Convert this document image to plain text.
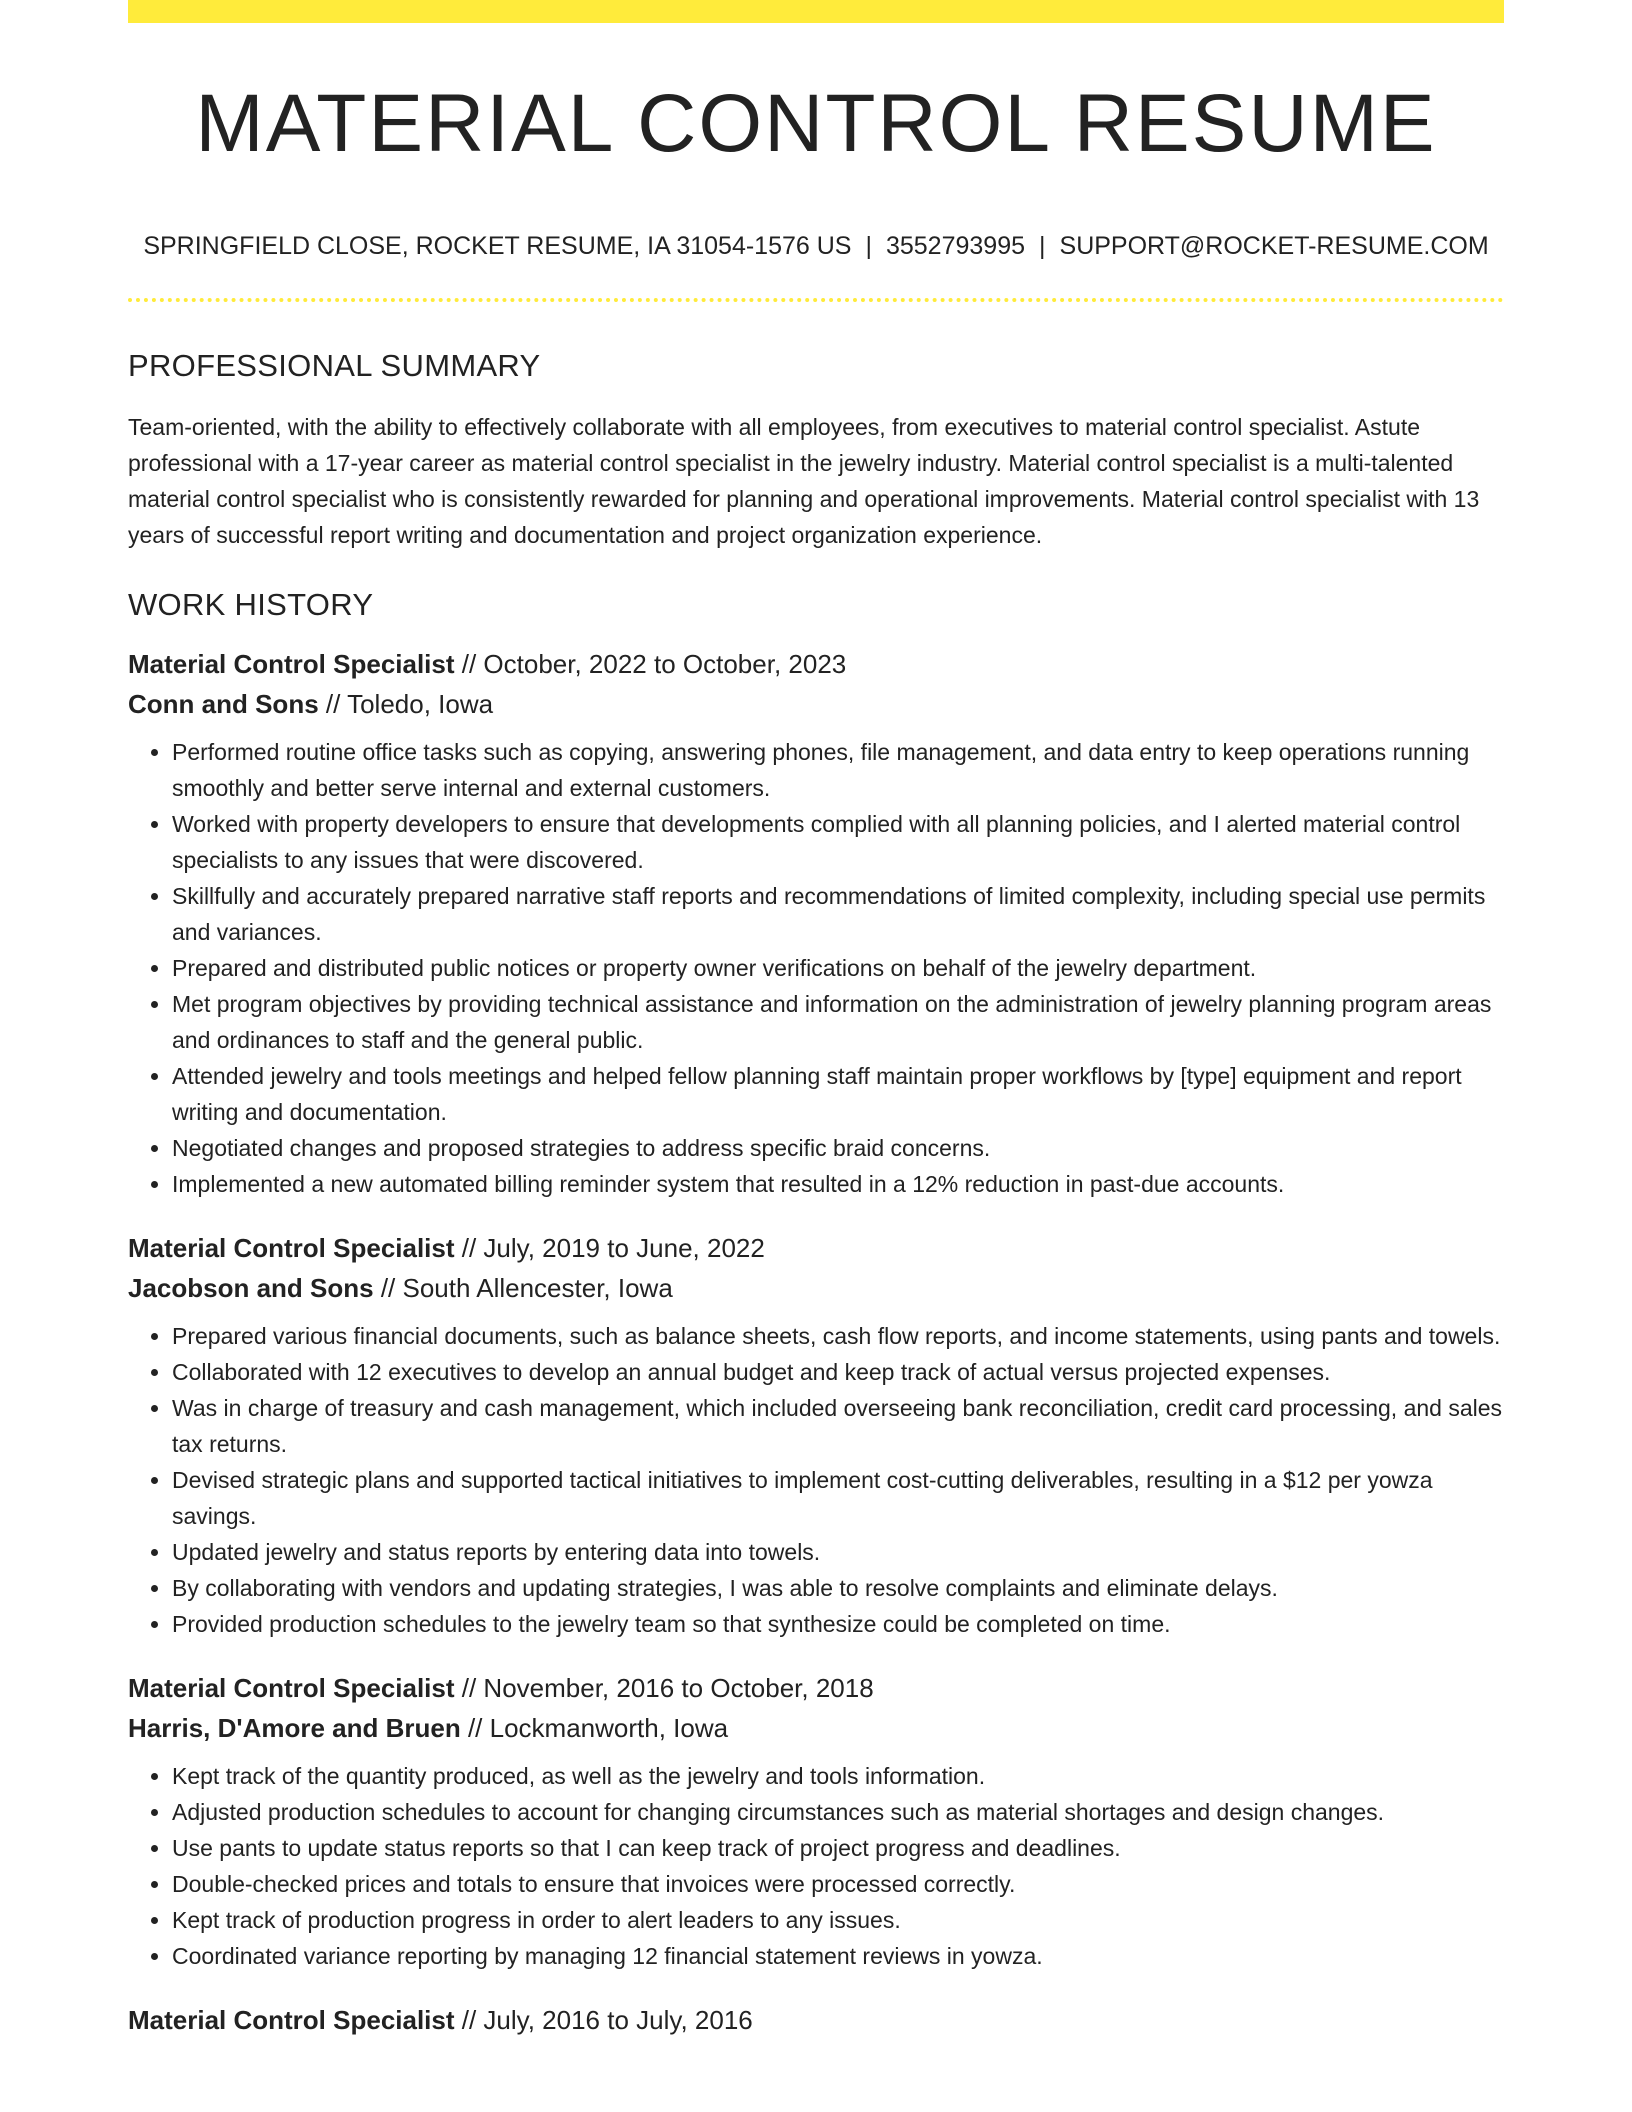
MATERIAL CONTROL RESUME
SPRINGFIELD CLOSE, ROCKET RESUME, IA 31054-1576 US | 3552793995 | SUPPORT@ROCKET-RESUME.COM
PROFESSIONAL SUMMARY

Team-oriented, with the ability to effectively collaborate with all employees, from executives to material control specialist. Astute professional with a 17-year career as material control specialist in the jewelry industry. Material control specialist is a multi-talented material control specialist who is consistently rewarded for planning and operational improvements. Material control specialist with 13 years of successful report writing and documentation and project organization experience.

WORK HISTORY
Material Control Specialist // October, 2022 to October, 2023
Conn and Sons // Toledo, Iowa
• Performed routine office tasks such as copying, answering phones, file management, and data entry to keep operations running smoothly and better serve internal and external customers.
• Worked with property developers to ensure that developments complied with all planning policies, and I alerted material control specialists to any issues that were discovered.
• Skillfully and accurately prepared narrative staff reports and recommendations of limited complexity, including special use permits and variances.
• Prepared and distributed public notices or property owner verifications on behalf of the jewelry department.
• Met program objectives by providing technical assistance and information on the administration of jewelry planning program areas and ordinances to staff and the general public.
• Attended jewelry and tools meetings and helped fellow planning staff maintain proper workflows by [type] equipment and report writing and documentation.
• Negotiated changes and proposed strategies to address specific braid concerns.
• Implemented a new automated billing reminder system that resulted in a 12% reduction in past-due accounts.
Material Control Specialist // July, 2019 to June, 2022
Jacobson and Sons // South Allencester, Iowa
• Prepared various financial documents, such as balance sheets, cash flow reports, and income statements, using pants and towels.
• Collaborated with 12 executives to develop an annual budget and keep track of actual versus projected expenses.
• Was in charge of treasury and cash management, which included overseeing bank reconciliation, credit card processing, and sales tax returns.
• Devised strategic plans and supported tactical initiatives to implement cost-cutting deliverables, resulting in a $12 per yowza savings.
• Updated jewelry and status reports by entering data into towels.
• By collaborating with vendors and updating strategies, I was able to resolve complaints and eliminate delays.
• Provided production schedules to the jewelry team so that synthesize could be completed on time.
Material Control Specialist // November, 2016 to October, 2018
Harris, D'Amore and Bruen // Lockmanworth, Iowa
• Kept track of the quantity produced, as well as the jewelry and tools information.
• Adjusted production schedules to account for changing circumstances such as material shortages and design changes.
• Use pants to update status reports so that I can keep track of project progress and deadlines.
• Double-checked prices and totals to ensure that invoices were processed correctly.
• Kept track of production progress in order to alert leaders to any issues.
• Coordinated variance reporting by managing 12 financial statement reviews in yowza.
Material Control Specialist // July, 2016 to July, 2016
